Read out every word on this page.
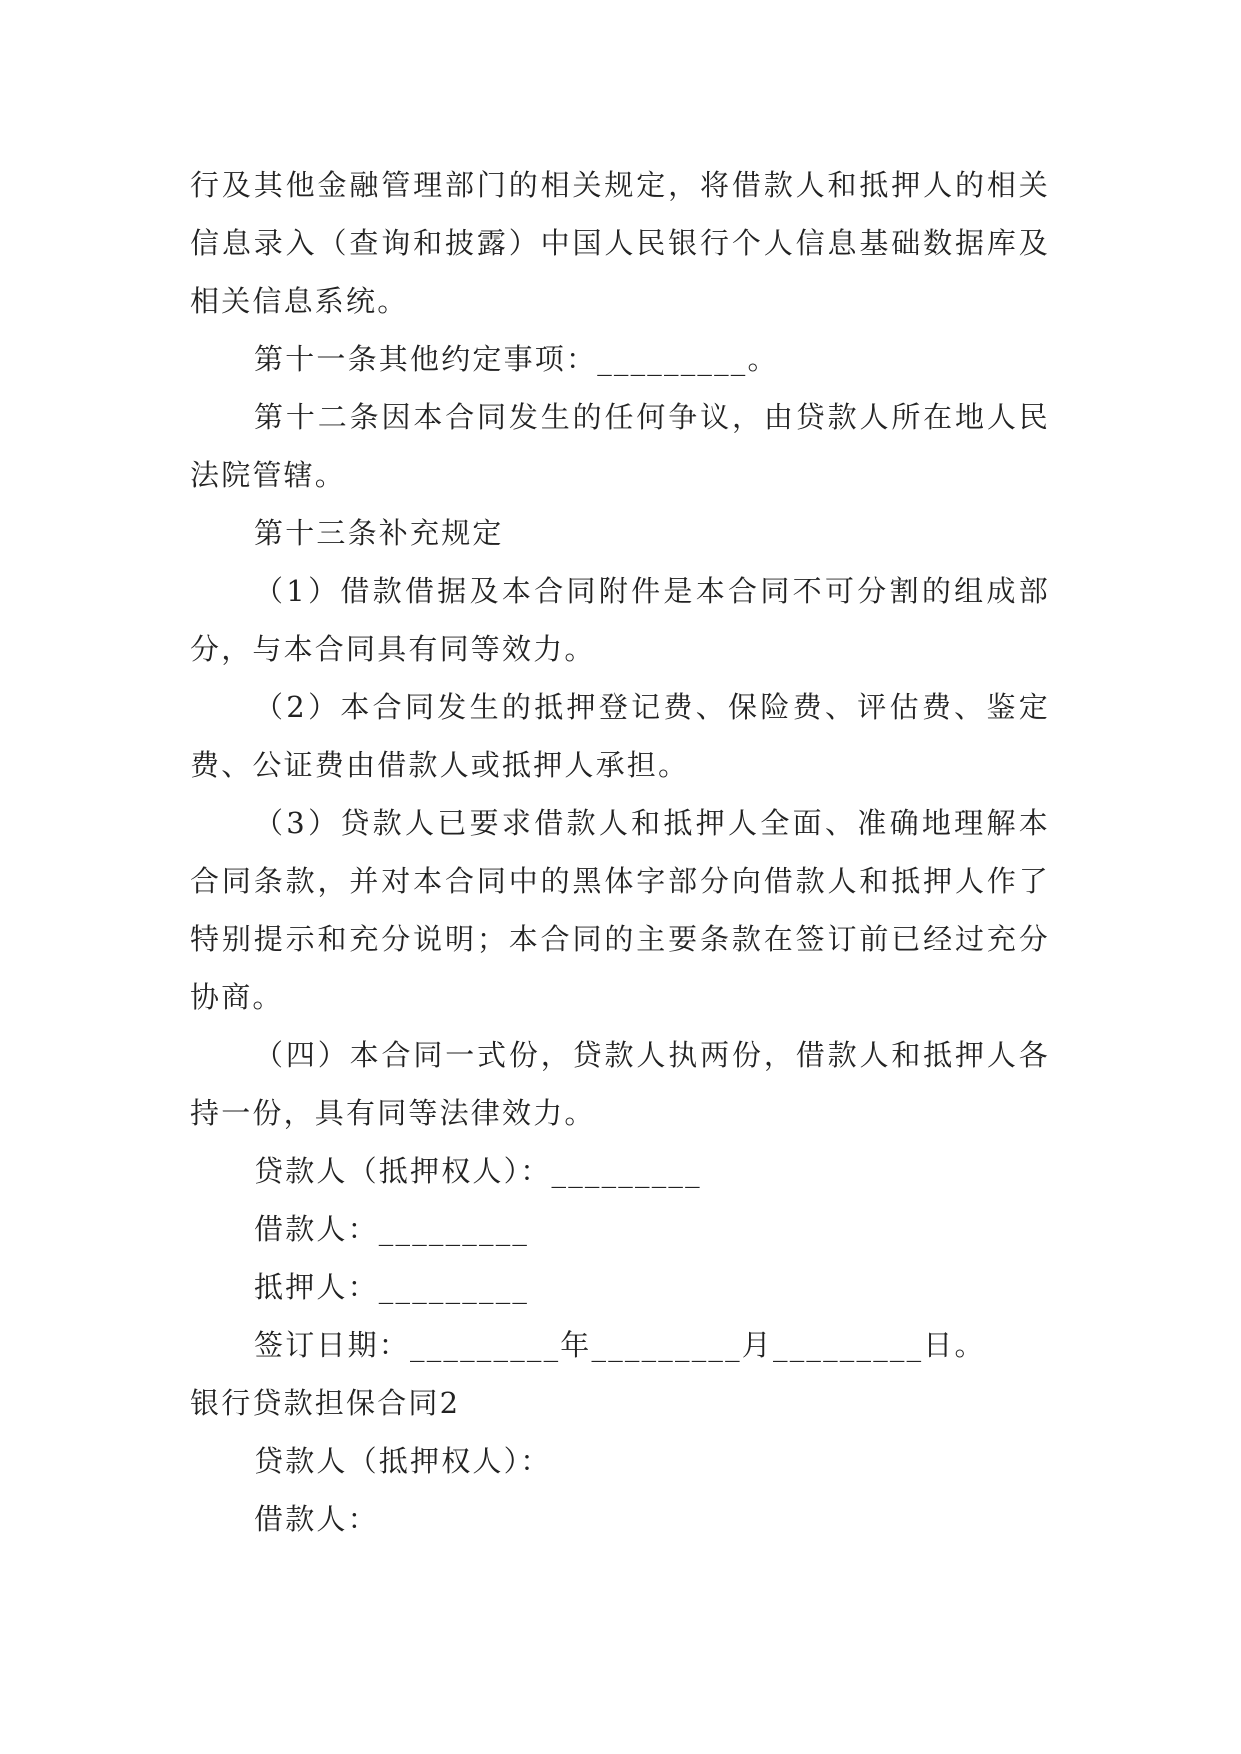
行及其他金融管理部门的相关规定，将借款人和抵押人的相关信息录入（查询和披露）中国人民银行个人信息基础数据库及相关信息系统。

第十一条其他约定事项：_________。

第十二条因本合同发生的任何争议，由贷款人所在地人民法院管辖。

第十三条补充规定

（1）借款借据及本合同附件是本合同不可分割的组成部分，与本合同具有同等效力。

（2）本合同发生的抵押登记费、保险费、评估费、鉴定费、公证费由借款人或抵押人承担。

（3）贷款人已要求借款人和抵押人全面、准确地理解本合同条款，并对本合同中的黑体字部分向借款人和抵押人作了特别提示和充分说明；本合同的主要条款在签订前已经过充分协商。

（四）本合同一式份，贷款人执两份，借款人和抵押人各持一份，具有同等法律效力。

贷款人（抵押权人）：_________

借款人：_________

抵押人：_________

签订日期：_________年_________月_________日。

银行贷款担保合同2

贷款人（抵押权人）：

借款人：
